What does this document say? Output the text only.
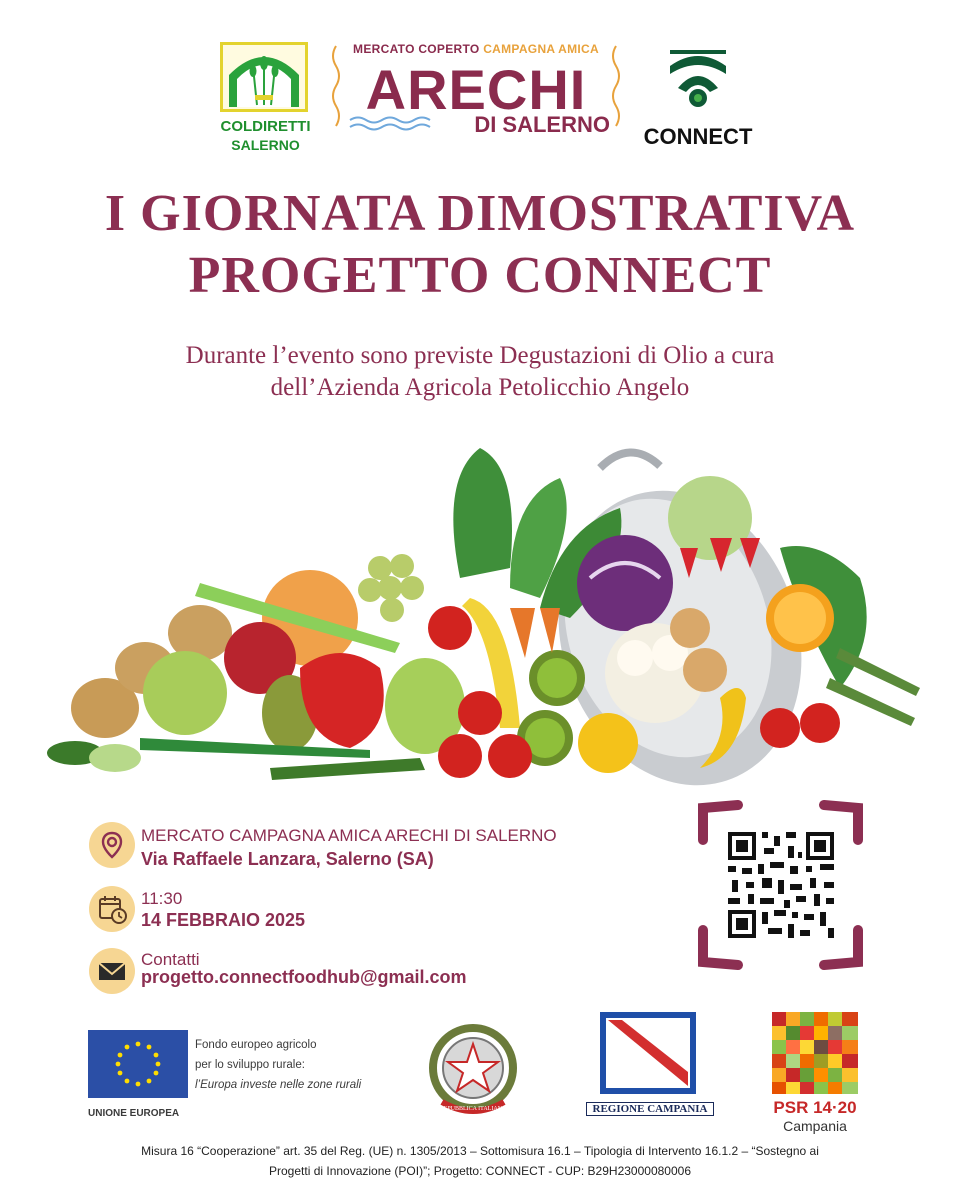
COLDIRETTI
SALERNO
MERCATO COPERTO CAMPAGNA AMICA
ARECHI
DI SALERNO	CONNECT
I GIORNATA DIMOSTRATIVA
PROGETTO CONNECT
Durante l’evento sono previste Degustazioni di Olio a cura
dell’Azienda Agricola Petolicchio Angelo
MERCATO CAMPAGNA AMICA ARECHI DI SALERNO
Via Raffaele Lanzara, Salerno (SA)
11:30
14 FEBBRAIO 2025
Contatti
progetto.connectfoodhub@gmail.com
Fondo europeo agricolo
per lo sviluppo rurale:
l’Europa investe nelle zone rurali
UNIONE EUROPEA	REPUBBLICA ITALIANA	REGIONE CAMPANIA	PSR 14·20
Campania
Misura 16 “Cooperazione” art. 35 del Reg. (UE) n. 1305/2013 – Sottomisura 16.1 – Tipologia di Intervento 16.1.2 – “Sostegno ai
Progetti di Innovazione (POI)”; Progetto: CONNECT - CUP: B29H23000080006
